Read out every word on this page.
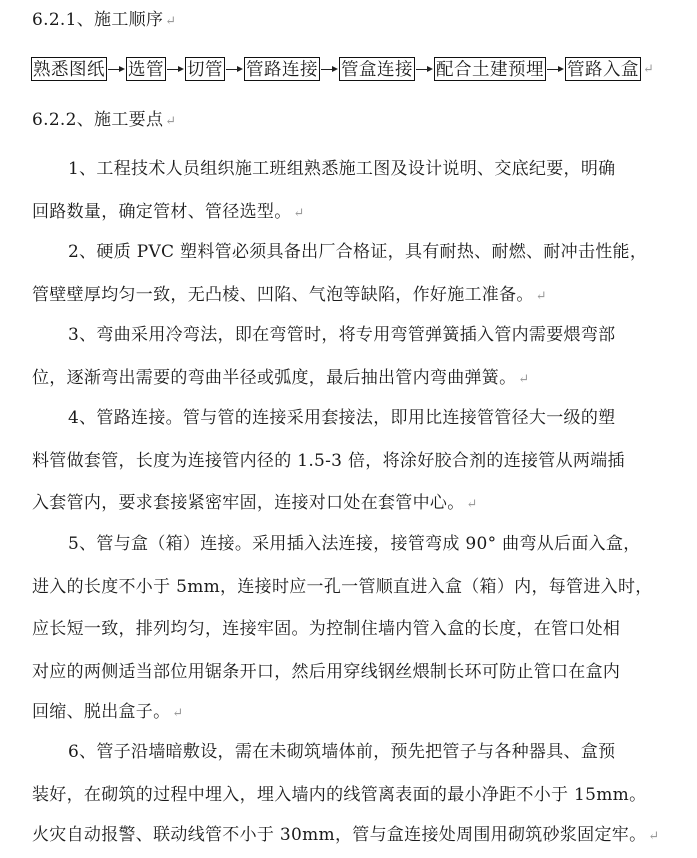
6.2.1、施工顺序 ↵
熟悉图纸 选管 切管 管路连接 管盒连接 配合土建预埋 管路入盒 ↵
6.2.2、施工要点 ↵
1、工程技术人员组织施工班组熟悉施工图及设计说明、交底纪要，明确
回路数量，确定管材、管径选型。 ↵
2、硬质 PVC 塑料管必须具备出厂合格证，具有耐热、耐燃、耐冲击性能，
管壁壁厚均匀一致，无凸棱、凹陷、气泡等缺陷，作好施工准备。 ↵
3、弯曲采用冷弯法，即在弯管时，将专用弯管弹簧插入管内需要煨弯部
位，逐渐弯出需要的弯曲半径或弧度，最后抽出管内弯曲弹簧。 ↵
4、管路连接。管与管的连接采用套接法，即用比连接管管径大一级的塑
料管做套管，长度为连接管内径的 1.5-3 倍，将涂好胶合剂的连接管从两端插
入套管内，要求套接紧密牢固，连接对口处在套管中心。 ↵
5、管与盒（箱）连接。采用插入法连接，接管弯成 90° 曲弯从后面入盒，
进入的长度不小于 5mm，连接时应一孔一管顺直进入盒（箱）内，每管进入时，
应长短一致，排列均匀，连接牢固。为控制住墙内管入盒的长度，在管口处相
对应的两侧适当部位用锯条开口，然后用穿线钢丝煨制长环可防止管口在盒内
回缩、脱出盒子。 ↵
6、管子沿墙暗敷设，需在未砌筑墙体前，预先把管子与各种器具、盒预
装好，在砌筑的过程中埋入，埋入墙内的线管离表面的最小净距不小于 15mm。
火灾自动报警、联动线管不小于 30mm，管与盒连接处周围用砌筑砂浆固定牢。 ↵
